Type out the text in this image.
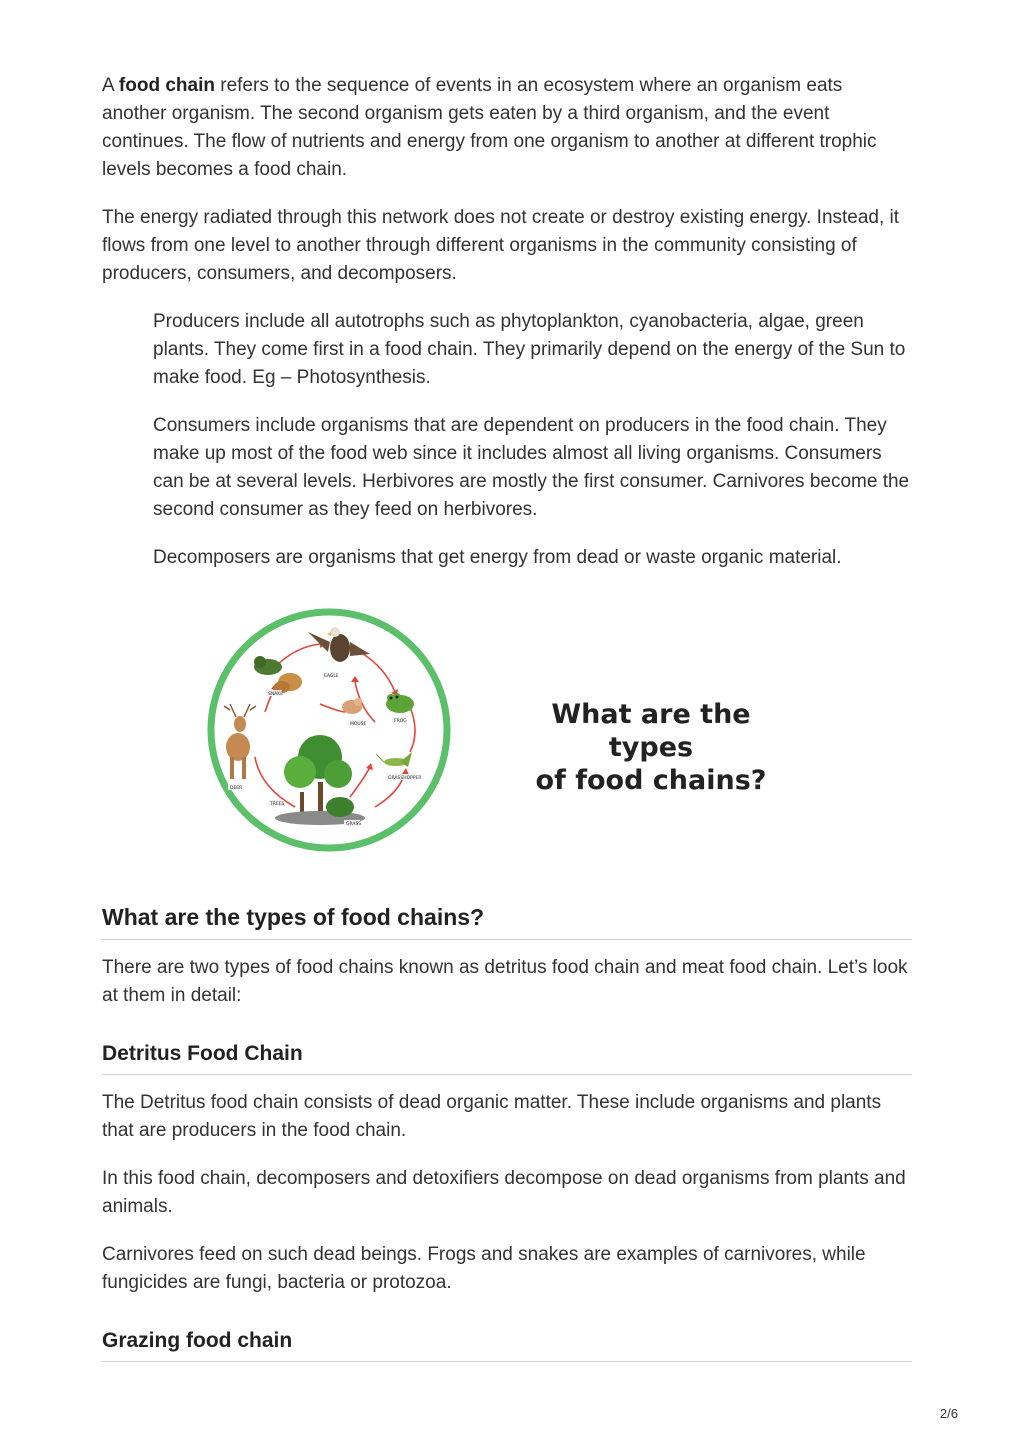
A food chain refers to the sequence of events in an ecosystem where an organism eats another organism. The second organism gets eaten by a third organism, and the event continues. The flow of nutrients and energy from one organism to another at different trophic levels becomes a food chain.

The energy radiated through this network does not create or destroy existing energy. Instead, it flows from one level to another through different organisms in the community consisting of producers, consumers, and decomposers.

Producers include all autotrophs such as phytoplankton, cyanobacteria, algae, green plants. They come first in a food chain. They primarily depend on the energy of the Sun to make food. Eg – Photosynthesis.

Consumers include organisms that are dependent on producers in the food chain. They make up most of the food web since it includes almost all living organisms. Consumers can be at several levels. Herbivores are mostly the first consumer. Carnivores become the second consumer as they feed on herbivores.

Decomposers are organisms that get energy from dead or waste organic material.

EAGLE
SNAKE
MOUSE
FROG
DEER
TREES
GRASS
GRASSHOPPER
What are the types
of food chains?
What are the types of food chains?

There are two types of food chains known as detritus food chain and meat food chain. Let’s look at them in detail:

Detritus Food Chain

The Detritus food chain consists of dead organic matter. These include organisms and plants that are producers in the food chain.

In this food chain, decomposers and detoxifiers decompose on dead organisms from plants and animals.

Carnivores feed on such dead beings. Frogs and snakes are examples of carnivores, while fungicides are fungi, bacteria or protozoa.

Grazing food chain
2/6
